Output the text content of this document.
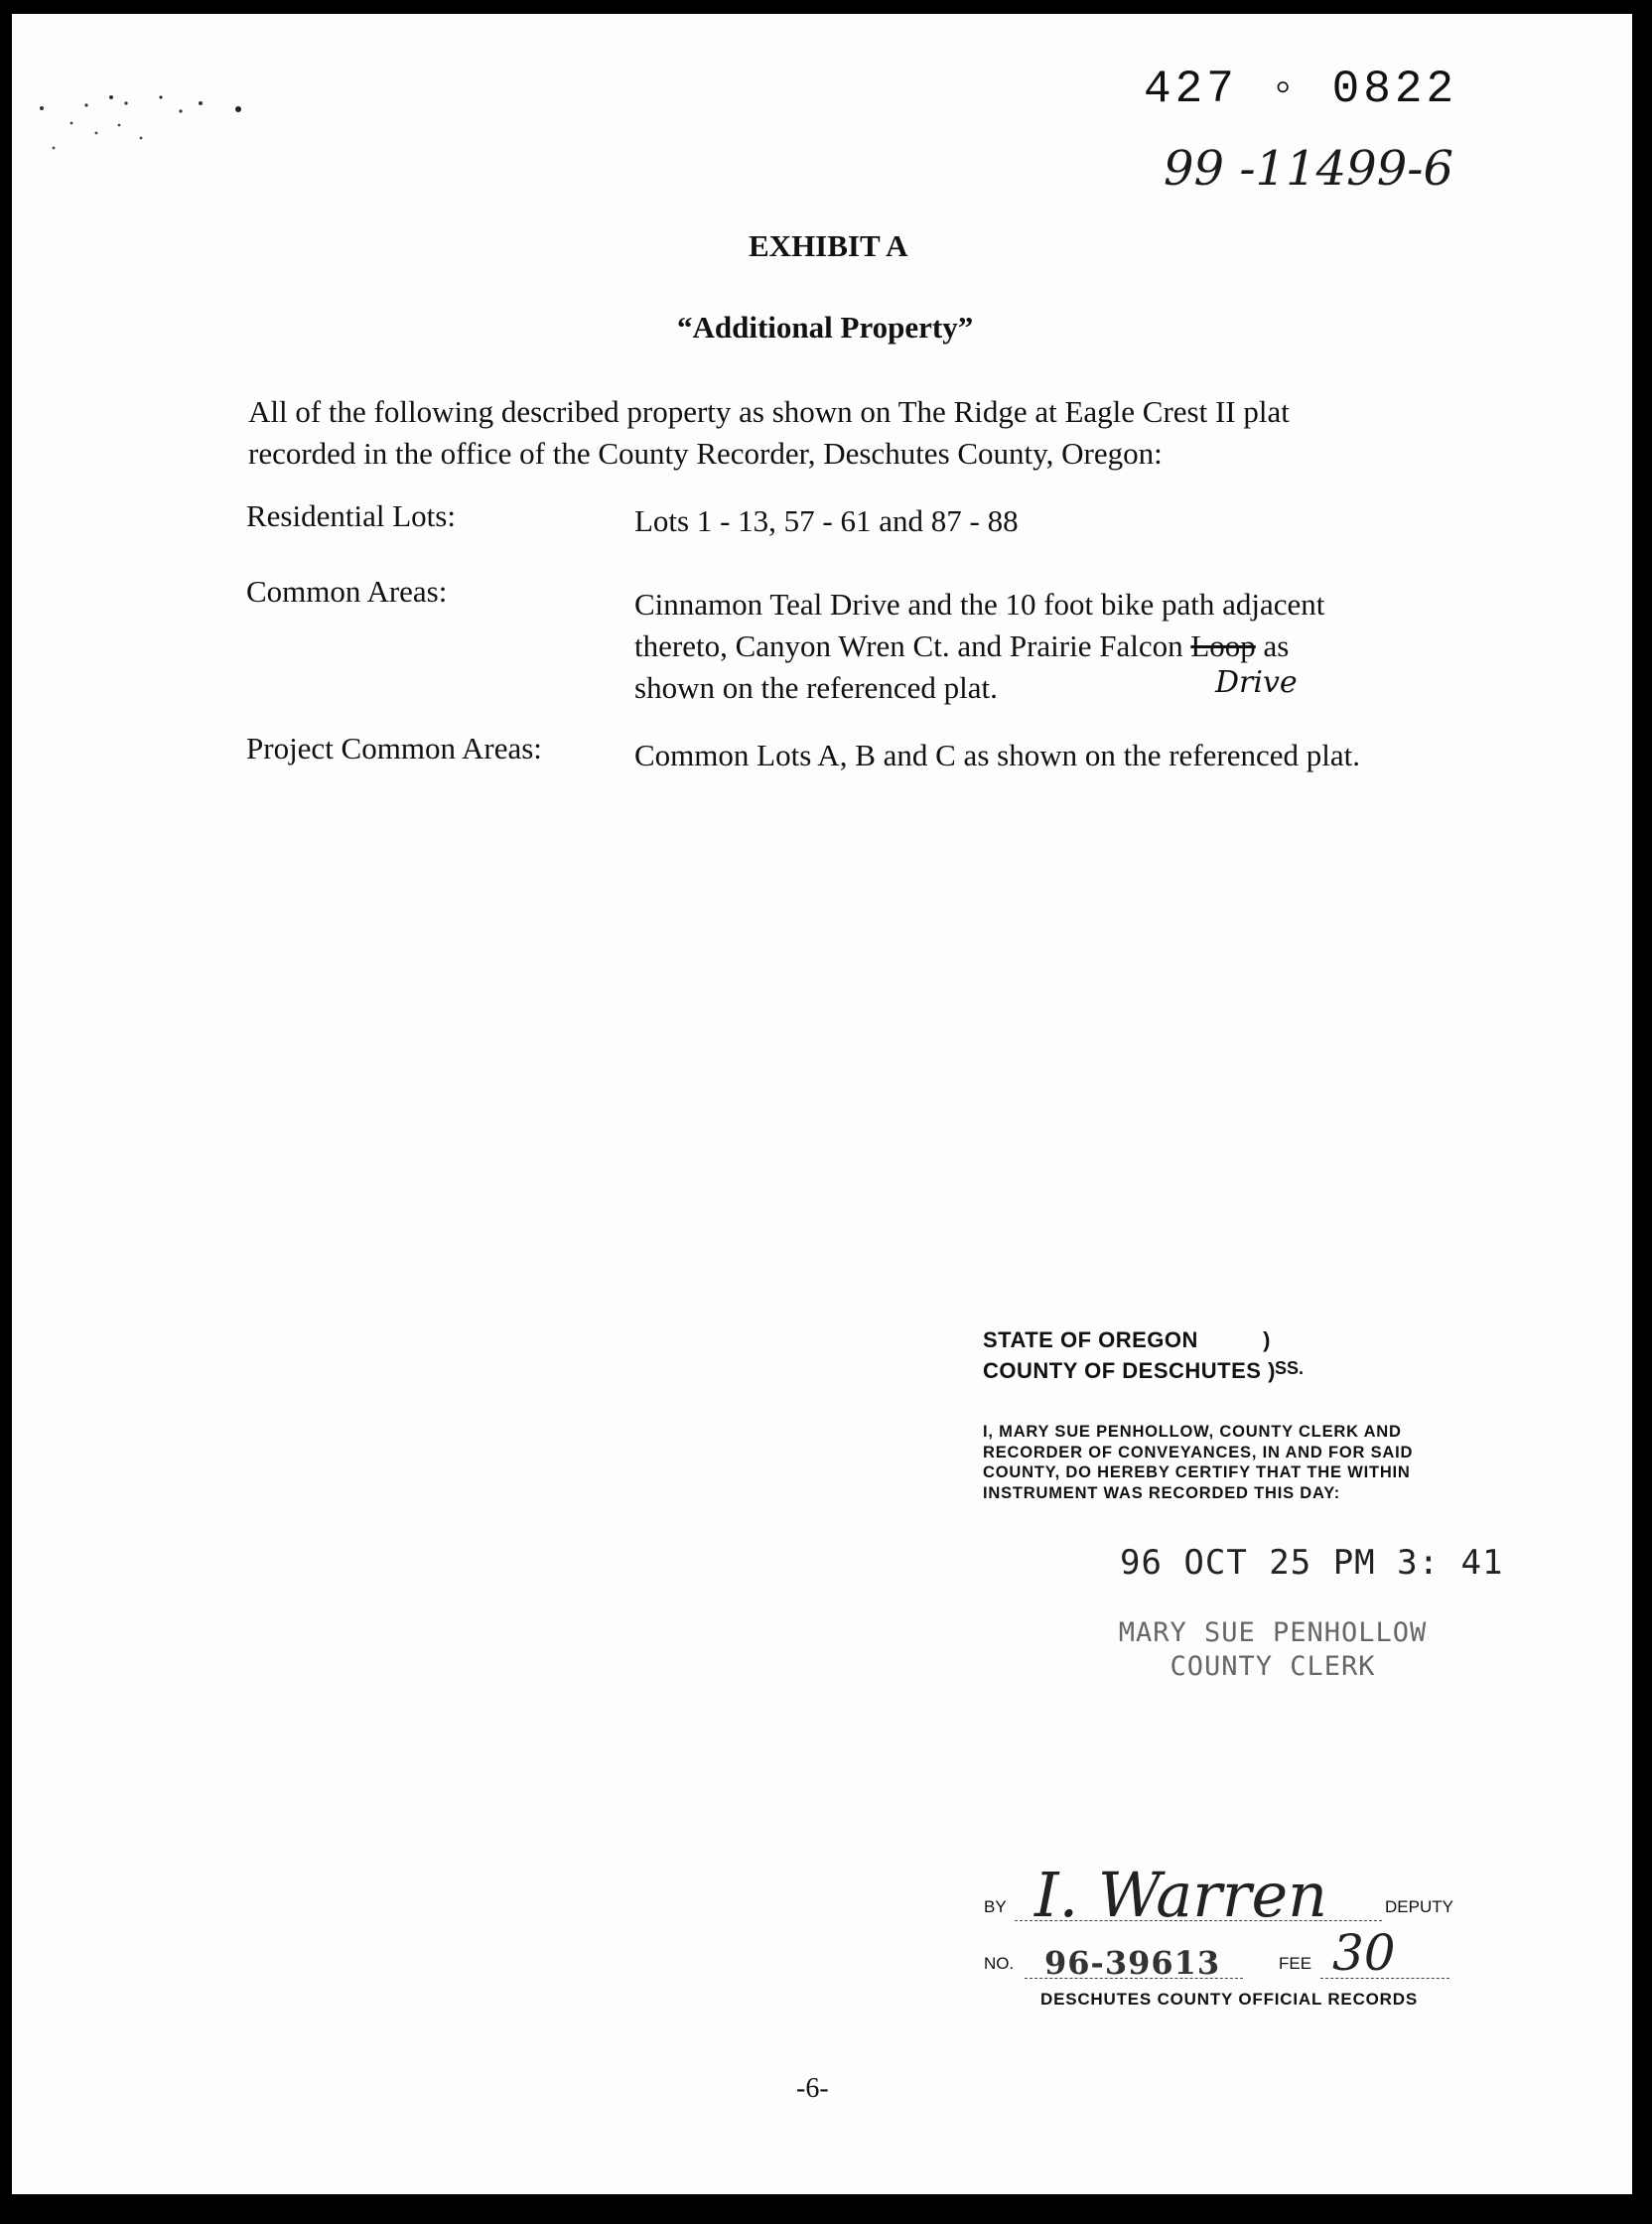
427 ◦ 0822
99 -11499-6
EXHIBIT A
“Additional Property”
All of the following described property as shown on The Ridge at Eagle Crest II plat
recorded in the office of the County Recorder, Deschutes County, Oregon:
Residential Lots:	Lots 1 - 13, 57 - 61 and 87 - 88
Common Areas:	Cinnamon Teal Drive and the 10 foot bike path adjacent
thereto, Canyon Wren Ct. and Prairie Falcon Loop as
shown on the referenced plat.	Drive
Project Common Areas:	Common Lots A, B and C as shown on the referenced plat.
STATE OF OREGON	)
COUNTY OF DESCHUTES ) SS.
I, MARY SUE PENHOLLOW, COUNTY CLERK AND
RECORDER OF CONVEYANCES, IN AND FOR SAID
COUNTY, DO HEREBY CERTIFY THAT THE WITHIN
INSTRUMENT WAS RECORDED THIS DAY:
96 OCT 25 PM 3: 41
MARY SUE PENHOLLOW
COUNTY CLERK
BY I. Warren	DEPUTY
NO. 96-39613	FEE 30
DESCHUTES COUNTY OFFICIAL RECORDS
-6-
